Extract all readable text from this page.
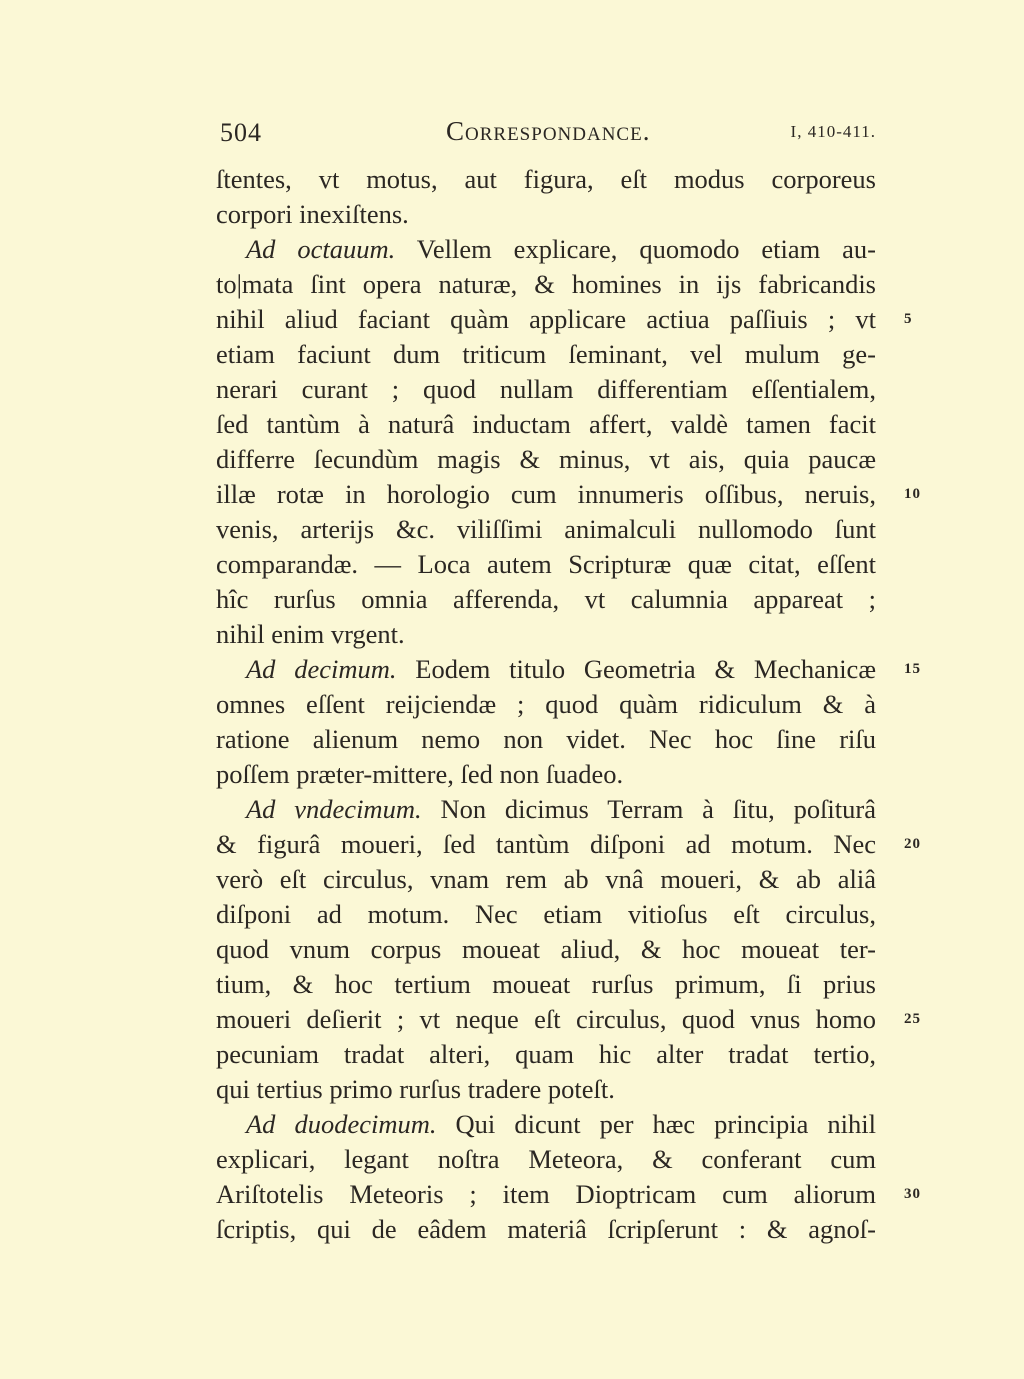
504	Correspondance.	I, 410-411.
ſtentes, vt motus, aut figura, eſt modus corporeus
corpori inexiſtens.
Ad octauum. Vellem explicare, quomodo etiam au-
to|mata ſint opera naturæ, & homines in ijs fabricandis
nihil aliud faciant quàm applicare actiua paſſiuis ; vt 5
etiam faciunt dum triticum ſeminant, vel mulum ge-
nerari curant ; quod nullam differentiam eſſentialem,
ſed tantùm à naturâ inductam affert, valdè tamen facit
differre ſecundùm magis & minus, vt ais, quia paucæ
illæ rotæ in horologio cum innumeris oſſibus, neruis, 10
venis, arterijs &c. viliſſimi animalculi nullomodo ſunt
comparandæ. — Loca autem Scripturæ quæ citat, eſſent
hîc rurſus omnia afferenda, vt calumnia appareat ;
nihil enim vrgent.
Ad decimum. Eodem titulo Geometria & Mechanicæ 15
omnes eſſent reijciendæ ; quod quàm ridiculum & à
ratione alienum nemo non videt. Nec hoc ſine riſu
poſſem præter-mittere, ſed non ſuadeo.
Ad vndecimum. Non dicimus Terram à ſitu, poſiturâ
& figurâ moueri, ſed tantùm diſponi ad motum. Nec 20
verò eſt circulus, vnam rem ab vnâ moueri, & ab aliâ
diſponi ad motum. Nec etiam vitioſus eſt circulus,
quod vnum corpus moueat aliud, & hoc moueat ter-
tium, & hoc tertium moueat rurſus primum, ſi prius
moueri deſierit ; vt neque eſt circulus, quod vnus homo 25
pecuniam tradat alteri, quam hic alter tradat tertio,
qui tertius primo rurſus tradere poteſt.
Ad duodecimum. Qui dicunt per hæc principia nihil
explicari, legant noſtra Meteora, & conferant cum
Ariſtotelis Meteoris ; item Dioptricam cum aliorum 30
ſcriptis, qui de eâdem materiâ ſcripſerunt : & agnoſ-
